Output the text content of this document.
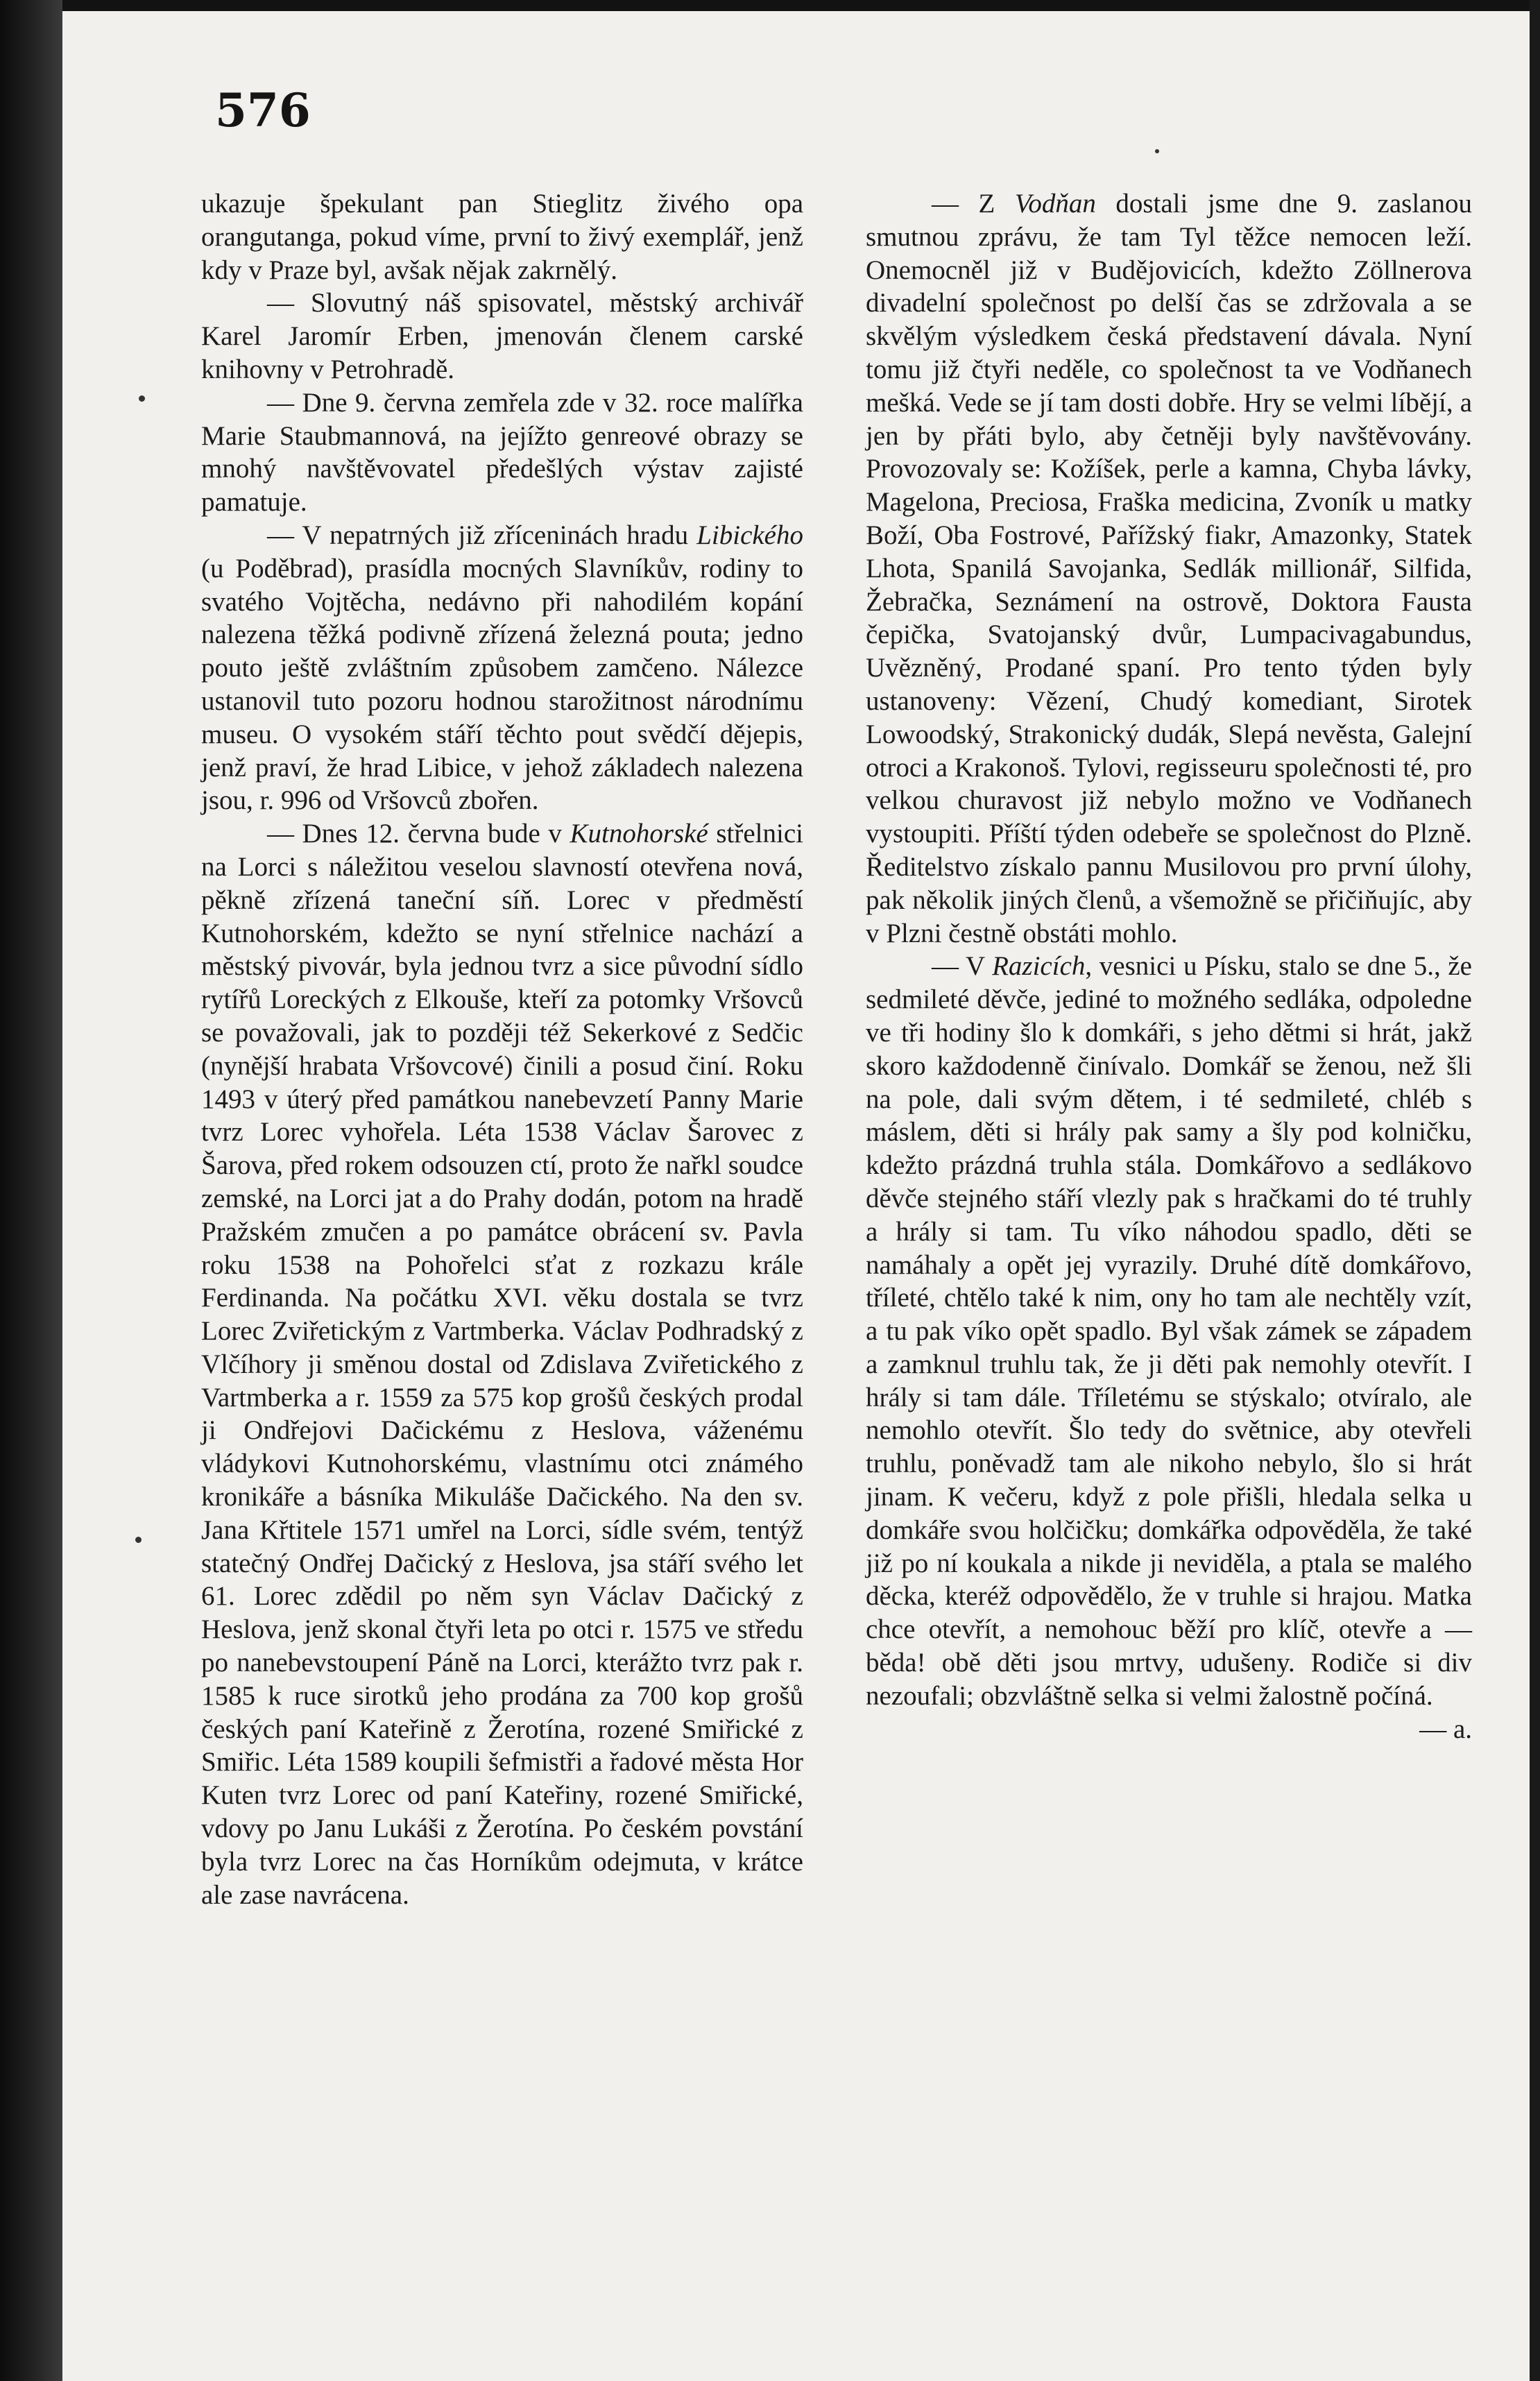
576

ukazuje špekulant pan Stieglitz živého opa orangutanga, pokud víme, první to živý exemplář, jenž kdy v Praze byl, avšak nějak zakrnělý.

— Slovutný náš spisovatel, městský archivář Karel Jaromír Erben, jmenován členem carské knihovny v Petrohradě.

— Dne 9. června zemřela zde v 32. roce malířka Marie Staubmannová, na jejížto genreové obrazy se mnohý navštěvovatel předešlých výstav zajisté pamatuje.

— V nepatrných již zříceninách hradu Libického (u Poděbrad), prasídla mocných Slavníkův, rodiny to svatého Vojtěcha, nedávno při nahodilém kopání nalezena těžká podivně zřízená železná pouta; jedno pouto ještě zvláštním způsobem zamčeno. Nálezce ustanovil tuto pozoru hodnou starožitnost národnímu museu. O vysokém stáří těchto pout svědčí dějepis, jenž praví, že hrad Libice, v jehož základech nalezena jsou, r. 996 od Vršovců zbořen.

— Dnes 12. června bude v Kutnohorské střelnici na Lorci s náležitou veselou slavností otevřena nová, pěkně zřízená taneční síň. Lorec v předměstí Kutnohorském, kdežto se nyní střelnice nachází a městský pivovár, byla jednou tvrz a sice původní sídlo rytířů Loreckých z Elkouše, kteří za potomky Vršovců se považovali, jak to později též Sekerkové z Sedčic (nynější hrabata Vršovcové) činili a posud činí. Roku 1493 v úterý před památkou nanebevzetí Panny Marie tvrz Lorec vyhořela. Léta 1538 Václav Šarovec z Šarova, před rokem odsouzen ctí, proto že nařkl soudce zemské, na Lorci jat a do Prahy dodán, potom na hradě Pražském zmučen a po památce obrácení sv. Pavla roku 1538 na Pohořelci sťat z rozkazu krále Ferdinanda. Na počátku XVI. věku dostala se tvrz Lorec Zviřetickým z Vartmberka. Václav Podhradský z Vlčíhory ji směnou dostal od Zdislava Zviřetického z Vartmberka a r. 1559 za 575 kop grošů českých prodal ji Ondřejovi Dačickému z Heslova, váženému vládykovi Kutnohorskému, vlastnímu otci známého kronikáře a básníka Mikuláše Dačického. Na den sv. Jana Křtitele 1571 umřel na Lorci, sídle svém, tentýž statečný Ondřej Dačický z Heslova, jsa stáří svého let 61. Lorec zdědil po něm syn Václav Dačický z Heslova, jenž skonal čtyři leta po otci r. 1575 ve středu po nanebevstoupení Páně na Lorci, kterážto tvrz pak r. 1585 k ruce sirotků jeho prodána za 700 kop grošů českých paní Kateřině z Žerotína, rozené Smiřické z Smiřic. Léta 1589 koupili šefmistři a řadové města Hor Kuten tvrz Lorec od paní Kateřiny, rozené Smiřické, vdovy po Janu Lukáši z Žerotína. Po českém povstání byla tvrz Lorec na čas Horníkům odejmuta, v krátce ale zase navrácena.

— Z Vodňan dostali jsme dne 9. zaslanou smutnou zprávu, že tam Tyl těžce nemocen leží. Onemocněl již v Budějovicích, kdežto Zöllnerova divadelní společnost po delší čas se zdržovala a se skvělým výsledkem česká představení dávala. Nyní tomu již čtyři neděle, co společnost ta ve Vodňanech mešká. Vede se jí tam dosti dobře. Hry se velmi líbějí, a jen by přáti bylo, aby četněji byly navštěvovány. Provozovaly se: Kožíšek, perle a kamna, Chyba lávky, Magelona, Preciosa, Fraška medicina, Zvoník u matky Boží, Oba Fostrové, Pařížský fiakr, Amazonky, Statek Lhota, Spanilá Savojanka, Sedlák millionář, Silfida, Žebračka, Seznámení na ostrově, Doktora Fausta čepička, Svatojanský dvůr, Lumpacivagabundus, Uvězněný, Prodané spaní. Pro tento týden byly ustanoveny: Vězení, Chudý komediant, Sirotek Lowoodský, Strakonický dudák, Slepá nevěsta, Galejní otroci a Krakonoš. Tylovi, regisseuru společnosti té, pro velkou churavost již nebylo možno ve Vodňanech vystoupiti. Příští týden odebeře se společnost do Plzně. Ředitelstvo získalo pannu Musilovou pro první úlohy, pak několik jiných členů, a všemožně se přičiňujíc, aby v Plzni čestně obstáti mohlo.

— V Razicích, vesnici u Písku, stalo se dne 5., že sedmileté děvče, jediné to možného sedláka, odpoledne ve tři hodiny šlo k domkáři, s jeho dětmi si hrát, jakž skoro každodenně činívalo. Domkář se ženou, než šli na pole, dali svým dětem, i té sedmileté, chléb s máslem, děti si hrály pak samy a šly pod kolničku, kdežto prázdná truhla stála. Domkářovo a sedlákovo děvče stejného stáří vlezly pak s hračkami do té truhly a hrály si tam. Tu víko náhodou spadlo, děti se namáhaly a opět jej vyrazily. Druhé dítě domkářovo, tříleté, chtělo také k nim, ony ho tam ale nechtěly vzít, a tu pak víko opět spadlo. Byl však zámek se západem a zamknul truhlu tak, že ji děti pak nemohly otevřít. I hrály si tam dále. Tříletému se stýskalo; otvíralo, ale nemohlo otevřít. Šlo tedy do světnice, aby otevřeli truhlu, poněvadž tam ale nikoho nebylo, šlo si hrát jinam. K večeru, když z pole přišli, hledala selka u domkáře svou holčičku; domkářka odpověděla, že také již po ní koukala a nikde ji neviděla, a ptala se malého děcka, kteréž odpovědělo, že v truhle si hrajou. Matka chce otevřít, a nemohouc běží pro klíč, otevře a — běda! obě děti jsou mrtvy, udušeny. Rodiče si div nezoufali; obzvláštně selka si velmi žalostně počíná.
— a.
